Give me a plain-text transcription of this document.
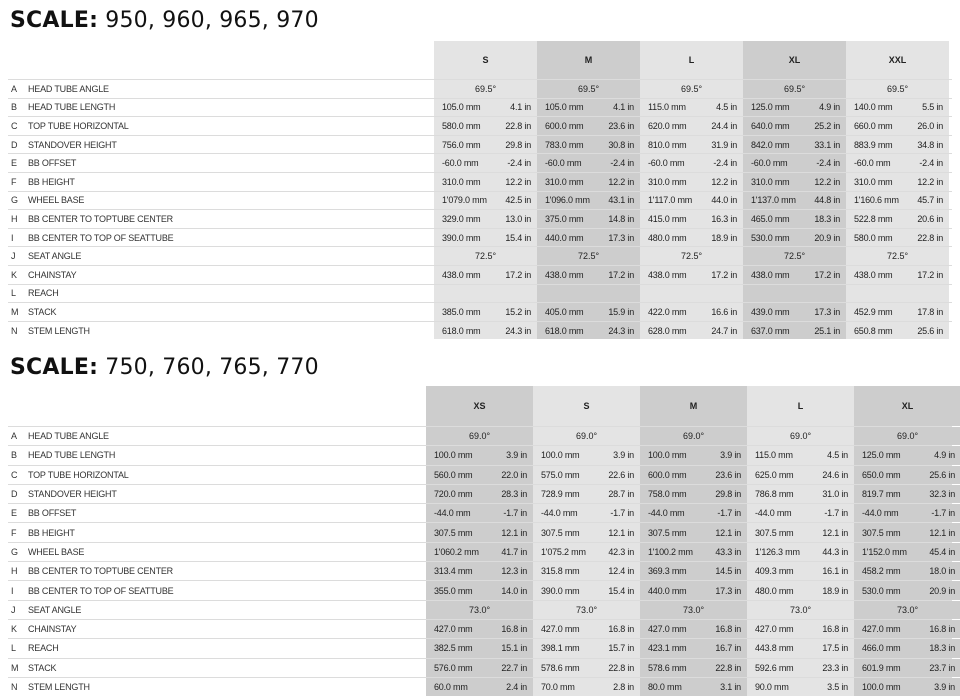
SCALE: 950, 960, 965, 970
S	M	L	XL	XXL
A HEAD TUBE ANGLE	69.5°	69.5°	69.5°	69.5°	69.5°
B HEAD TUBE LENGTH	105.0 mm	4.1 in 105.0 mm	4.1 in 115.0 mm	4.5 in 125.0 mm	4.9 in 140.0 mm	5.5 in
C TOP TUBE HORIZONTAL	580.0 mm	22.8 in 600.0 mm	23.6 in 620.0 mm	24.4 in 640.0 mm	25.2 in 660.0 mm	26.0 in
D STANDOVER HEIGHT	756.0 mm	29.8 in 783.0 mm	30.8 in 810.0 mm	31.9 in 842.0 mm	33.1 in 883.9 mm	34.8 in
E BB OFFSET	-60.0 mm	-2.4 in -60.0 mm	-2.4 in -60.0 mm	-2.4 in -60.0 mm	-2.4 in -60.0 mm	-2.4 in
F BB HEIGHT	310.0 mm	12.2 in 310.0 mm	12.2 in 310.0 mm	12.2 in 310.0 mm	12.2 in 310.0 mm	12.2 in
G WHEEL BASE	1'079.0 mm 42.5 in 1'096.0 mm 43.1 in 1'117.0 mm 44.0 in 1'137.0 mm 44.8 in 1'160.6 mm 45.7 in
H BB CENTER TO TOPTUBE CENTER	329.0 mm	13.0 in 375.0 mm	14.8 in 415.0 mm	16.3 in 465.0 mm	18.3 in 522.8 mm	20.6 in
I BB CENTER TO TOP OF SEATTUBE	390.0 mm	15.4 in 440.0 mm	17.3 in 480.0 mm	18.9 in 530.0 mm	20.9 in 580.0 mm	22.8 in
J SEAT ANGLE	72.5°	72.5°	72.5°	72.5°	72.5°
K CHAINSTAY	438.0 mm	17.2 in 438.0 mm	17.2 in 438.0 mm	17.2 in 438.0 mm	17.2 in 438.0 mm	17.2 in
L REACH
M STACK	385.0 mm	15.2 in 405.0 mm	15.9 in 422.0 mm	16.6 in 439.0 mm	17.3 in 452.9 mm	17.8 in
N STEM LENGTH	618.0 mm	24.3 in 618.0 mm	24.3 in 628.0 mm	24.7 in 637.0 mm	25.1 in 650.8 mm	25.6 in
SCALE: 750, 760, 765, 770
XS	S	M	L	XL
A HEAD TUBE ANGLE	69.0°	69.0°	69.0°	69.0°	69.0°
B HEAD TUBE LENGTH	100.0 mm	3.9 in 100.0 mm	3.9 in 100.0 mm	3.9 in 115.0 mm	4.5 in 125.0 mm	4.9 in
C TOP TUBE HORIZONTAL	560.0 mm	22.0 in 575.0 mm	22.6 in 600.0 mm	23.6 in 625.0 mm	24.6 in 650.0 mm	25.6 in
D STANDOVER HEIGHT	720.0 mm	28.3 in 728.9 mm	28.7 in 758.0 mm	29.8 in 786.8 mm	31.0 in 819.7 mm	32.3 in
E BB OFFSET	-44.0 mm	-1.7 in -44.0 mm	-1.7 in -44.0 mm	-1.7 in -44.0 mm	-1.7 in -44.0 mm	-1.7 in
F BB HEIGHT	307.5 mm	12.1 in 307.5 mm	12.1 in 307.5 mm	12.1 in 307.5 mm	12.1 in 307.5 mm	12.1 in
G WHEEL BASE	1'060.2 mm	41.7 in 1'075.2 mm	42.3 in 1'100.2 mm	43.3 in 1'126.3 mm	44.3 in 1'152.0 mm	45.4 in
H BB CENTER TO TOPTUBE CENTER	313.4 mm	12.3 in 315.8 mm	12.4 in 369.3 mm	14.5 in 409.3 mm	16.1 in 458.2 mm	18.0 in
I BB CENTER TO TOP OF SEATTUBE	355.0 mm	14.0 in 390.0 mm	15.4 in 440.0 mm	17.3 in 480.0 mm	18.9 in 530.0 mm	20.9 in
J SEAT ANGLE	73.0°	73.0°	73.0°	73.0°	73.0°
K CHAINSTAY	427.0 mm	16.8 in 427.0 mm	16.8 in 427.0 mm	16.8 in 427.0 mm	16.8 in 427.0 mm	16.8 in
L REACH	382.5 mm	15.1 in 398.1 mm	15.7 in 423.1 mm	16.7 in 443.8 mm	17.5 in 466.0 mm	18.3 in
M STACK	576.0 mm	22.7 in 578.6 mm	22.8 in 578.6 mm	22.8 in 592.6 mm	23.3 in 601.9 mm	23.7 in
N STEM LENGTH	60.0 mm	2.4 in 70.0 mm	2.8 in 80.0 mm	3.1 in 90.0 mm	3.5 in 100.0 mm	3.9 in
